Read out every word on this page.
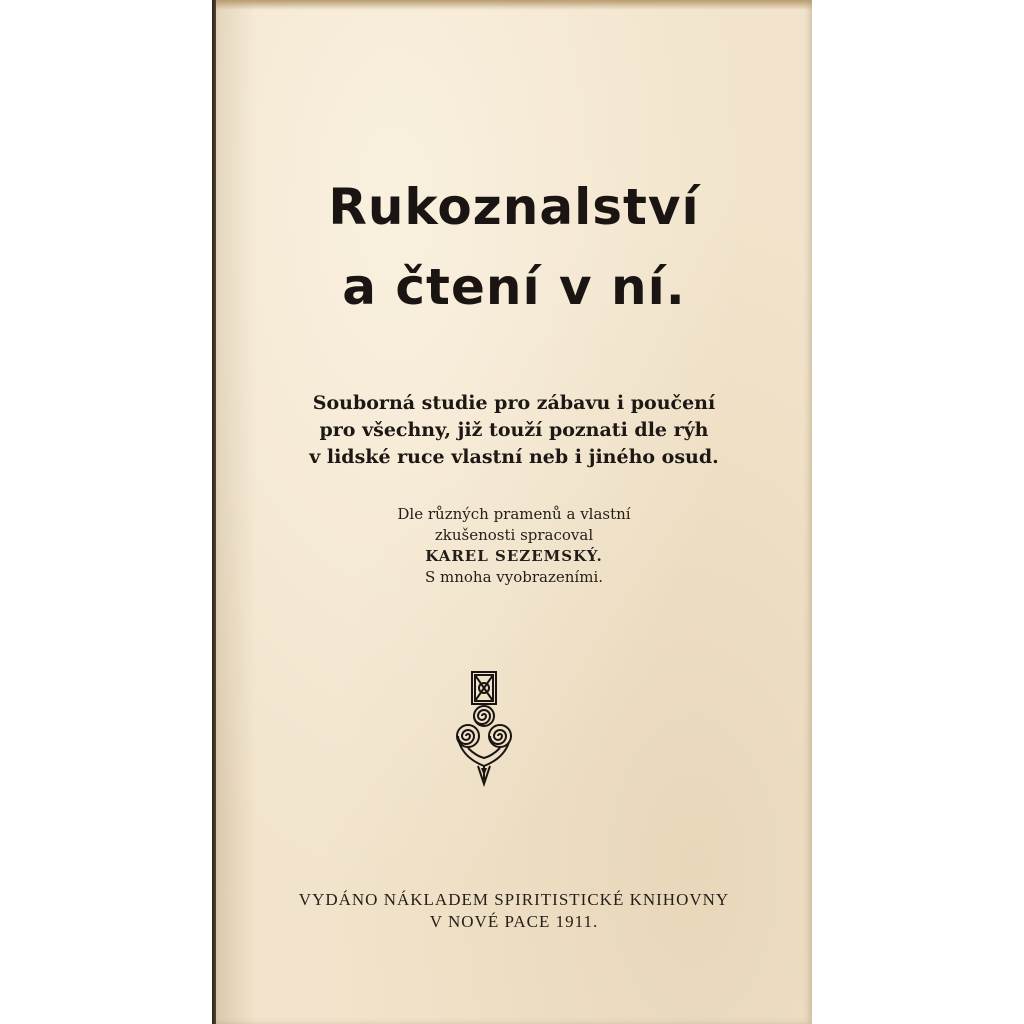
Rukoznalství
a čtení v ní.
Souborná studie pro zábavu i poučení
pro všechny, již touží poznati dle rýh
v lidské ruce vlastní neb i jiného osud.
Dle různých pramenů a vlastní
zkušenosti spracoval
KAREL SEZEMSKÝ.
S mnoha vyobrazeními.
VYDÁNO NÁKLADEM SPIRITISTICKÉ KNIHOVNY
V NOVÉ PACE 1911.
